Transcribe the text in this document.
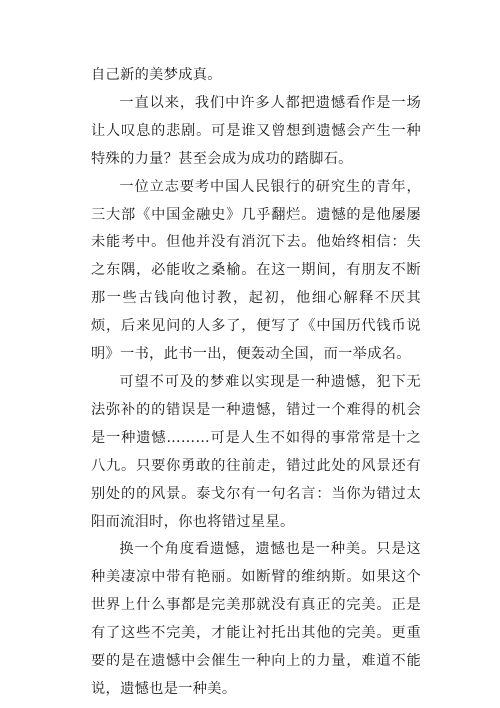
自己新的美梦成真。

一直以来，我们中许多人都把遗憾看作是一场让人叹息的悲剧。可是谁又曾想到遗憾会产生一种特殊的力量？甚至会成为成功的踏脚石。

一位立志要考中国人民银行的研究生的青年，三大部《中国金融史》几乎翻烂。遗憾的是他屡屡未能考中。但他并没有消沉下去。他始终相信：失之东隅，必能收之桑榆。在这一期间，有朋友不断那一些古钱向他讨教，起初，他细心解释不厌其烦，后来见问的人多了，便写了《中国历代钱币说明》一书，此书一出，便轰动全国，而一举成名。

可望不可及的梦难以实现是一种遗憾，犯下无法弥补的的错误是一种遗憾，错过一个难得的机会是一种遗憾………可是人生不如得的事常常是十之八九。只要你勇敢的往前走，错过此处的风景还有别处的的风景。泰戈尔有一句名言：当你为错过太阳而流泪时，你也将错过星星。

换一个角度看遗憾，遗憾也是一种美。只是这种美凄凉中带有艳丽。如断臂的维纳斯。如果这个世界上什么事都是完美那就没有真正的完美。正是有了这些不完美，才能让衬托出其他的完美。更重要的是在遗憾中会催生一种向上的力量，难道不能说，遗憾也是一种美。
